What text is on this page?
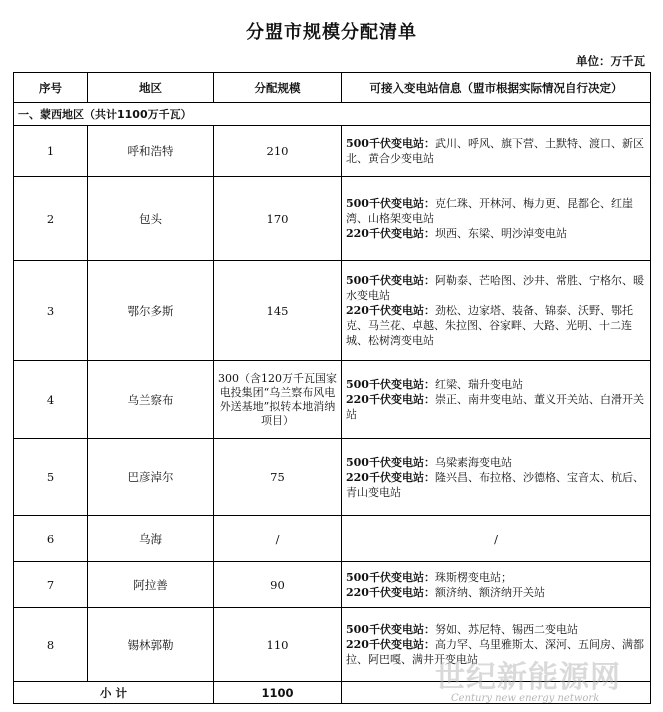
分盟市规模分配清单
单位：万千瓦
序号	地区	分配规模	可接入变电站信息（盟市根据实际情况自行决定）
一、蒙西地区（共计1100万千瓦）			
1	呼和浩特	210	500千伏变电站：武川、呼风、旗下营、土默特、渡口、新区北、黄合少变电站

2	包头	170	500千伏变电站：克仁珠、开林河、梅力更、昆都仑、红崖湾、山格架变电站
220千伏变电站：坝西、东梁、明沙淖变电站

3	鄂尔多斯	145	500千伏变电站：阿勒泰、芒哈图、沙井、常胜、宁格尔、暖水变电站
220千伏变电站：劲松、边家塔、装备、锦泰、沃野、鄂托克、马兰花、卓越、朱拉图、谷家畔、大路、光明、十二连城、松树湾变电站

4	乌兰察布	300（含120万千瓦国家电投集团“乌兰察布风电外送基地”拟转本地消纳项目）	500千伏变电站：红梁、瑞升变电站
220千伏变电站：崇正、南井变电站、董义开关站、白滑开关站

5	巴彦淖尔	75	500千伏变电站：乌梁素海变电站
220千伏变电站：隆兴昌、布拉格、沙德格、宝音太、杭后、青山变电站

6	乌海	/	/
7	阿拉善	90	500千伏变电站：珠斯楞变电站；
220千伏变电站：额济纳、额济纳开关站

8	锡林郭勒	110	500千伏变电站：努如、苏尼特、锡西二变电站
220千伏变电站：高力罕、乌里雅斯太、深河、五间房、满都拉、阿巴嘎、满井开变电站

小 计		1100		世纪新能源网
Century new energy network
